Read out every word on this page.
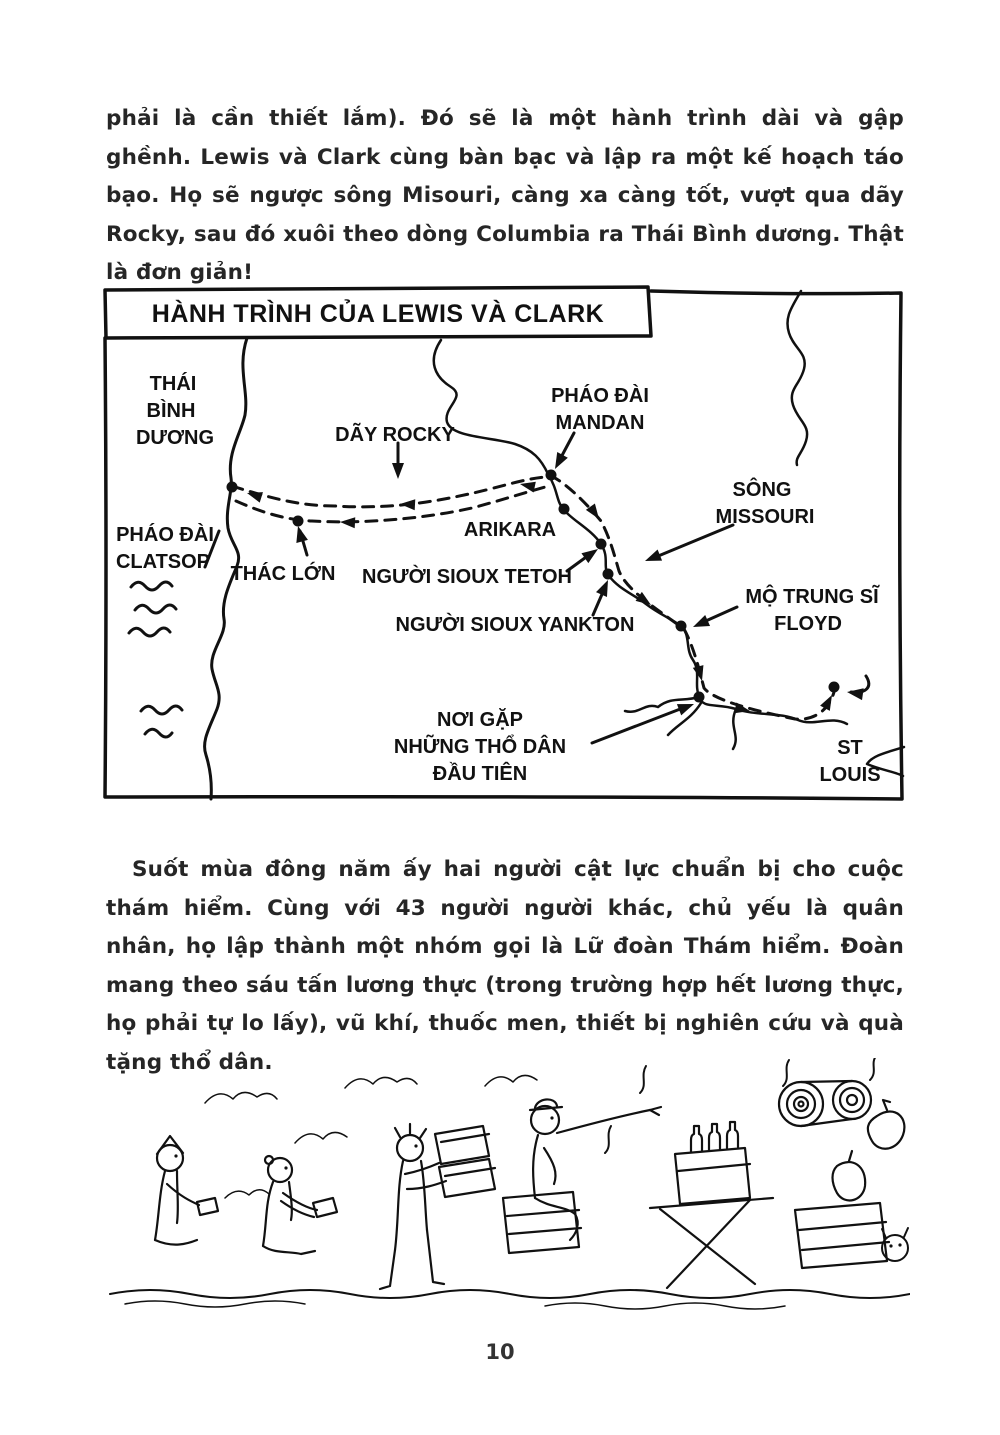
phải là cần thiết lắm). Đó sẽ là một hành trình dài và gập ghềnh. Lewis và Clark cùng bàn bạc và lập ra một kế hoạch táo bạo. Họ sẽ ngược sông Misouri, càng xa càng tốt, vượt qua dãy Rocky, sau đó xuôi theo dòng Columbia ra Thái Bình dương. Thật là đơn giản!
HÀNH TRÌNH CỦA LEWIS VÀ CLARK
THÁI
BÌNH
DƯƠNG
PHÁO ĐÀI
MANDAN
DÃY ROCKY
SÔNG
MISSOURI
PHÁO ĐÀI
CLATSOP
THÁC LỚN
ARIKARA
NGƯỜI SIOUX TETOH
NGƯỜI SIOUX YANKTON
MỘ TRUNG SĨ
FLOYD
NƠI GẶP
NHỮNG THỔ DÂN
ĐẦU TIÊN
ST
LOUIS
Suốt mùa đông năm ấy hai người cật lực chuẩn bị cho cuộc thám hiểm. Cùng với 43 người người khác, chủ yếu là quân nhân, họ lập thành một nhóm gọi là Lữ đoàn Thám hiểm. Đoàn mang theo sáu tấn lương thực (trong trường hợp hết lương thực, họ phải tự lo lấy), vũ khí, thuốc men, thiết bị nghiên cứu và quà tặng thổ dân.
10
